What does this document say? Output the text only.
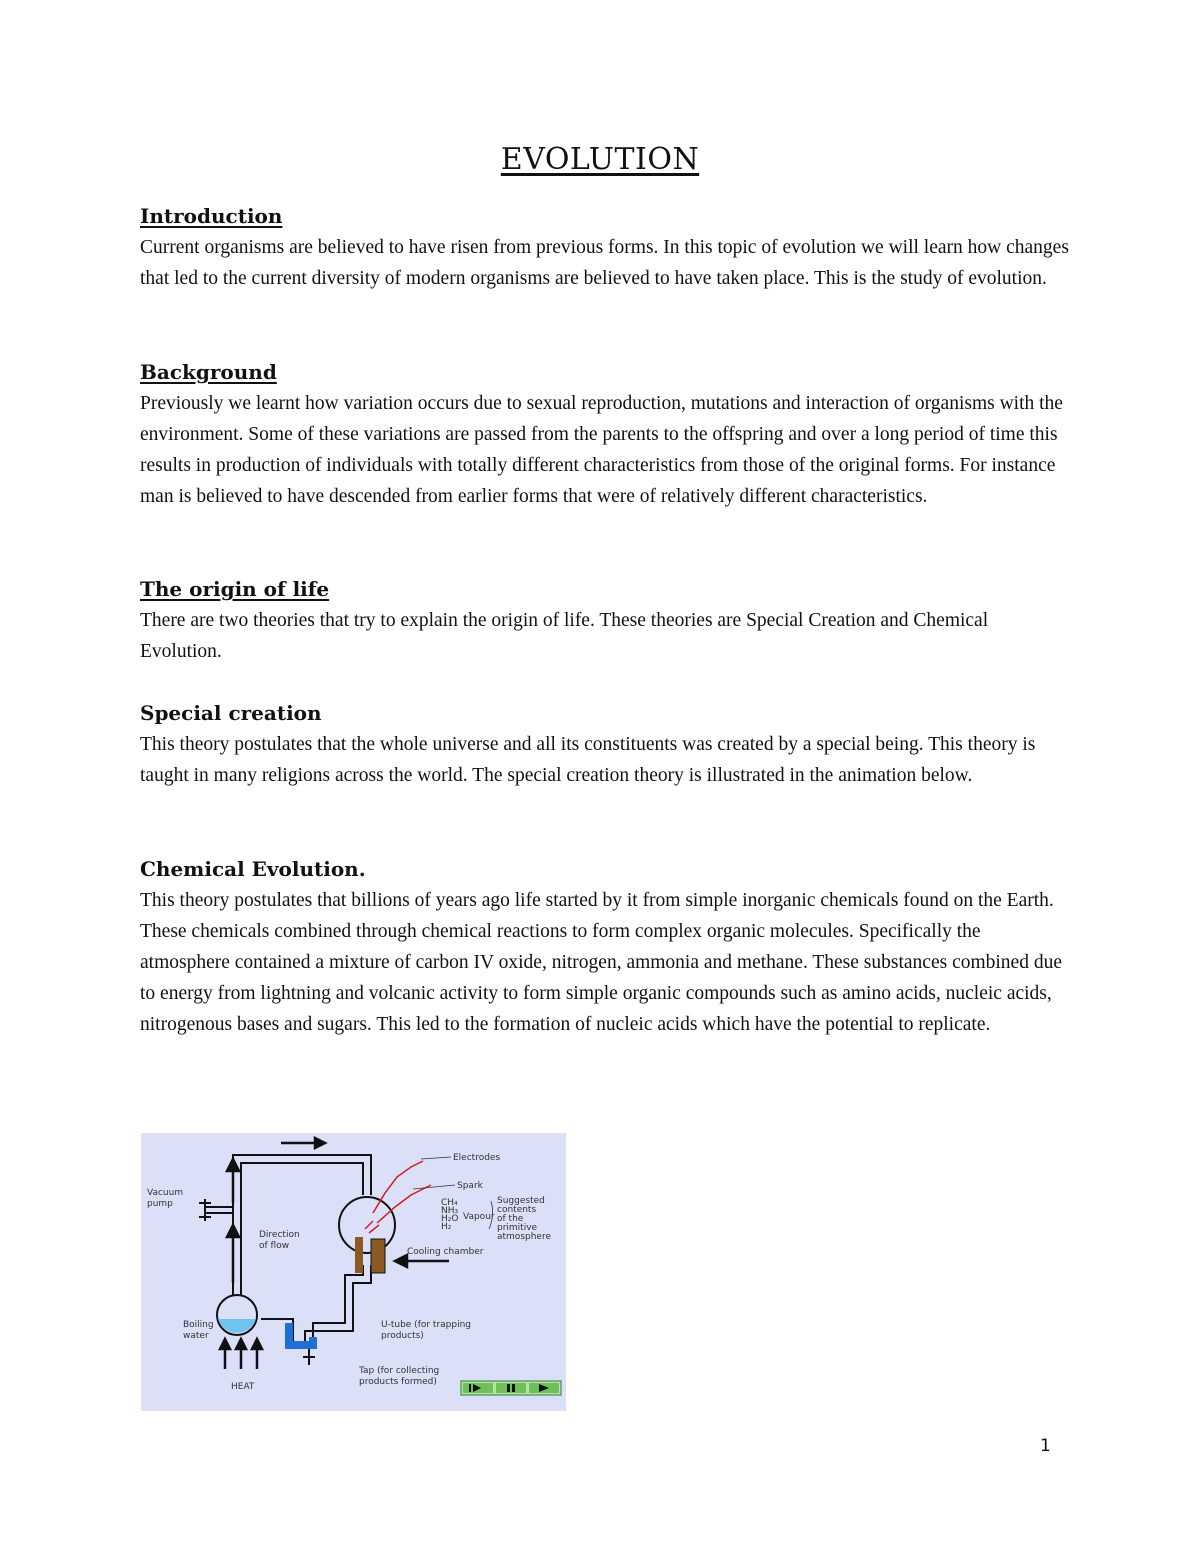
EVOLUTION

Introduction

Current organisms are believed to have risen from previous forms. In this topic of evolution we will learn how changes that led to the current diversity of modern organisms are believed to have taken place. This is the study of evolution.

Background

Previously we learnt how variation occurs due to sexual reproduction, mutations and interaction of organisms with the environment. Some of these variations are passed from the parents to the offspring and over a long period of time this results in production of individuals with totally different characteristics from those of the original forms. For instance man is believed to have descended from earlier forms that were of relatively different characteristics.

The origin of life

There are two theories that try to explain the origin of life. These theories are Special Creation and Chemical Evolution.

Special creation

This theory postulates that the whole universe and all its constituents was created by a special being. This theory is taught in many religions across the world. The special creation theory is illustrated in the animation below.

Chemical Evolution.

This theory postulates that billions of years ago life started by it from simple inorganic chemicals found on the Earth. These chemicals combined through chemical reactions to form complex organic molecules. Specifically the atmosphere contained a mixture of carbon IV oxide, nitrogen, ammonia and methane. These substances combined due to energy from lightning and volcanic activity to form simple organic compounds such as amino acids, nucleic acids, nitrogenous bases and sugars. This led to the formation of nucleic acids which have the potential to replicate.

Vacuum pump
Direction of flow
Electrodes
Spark
CH₄
NH₃
H₂O
H₂
Vapour
Suggested contents of the primitive atmosphere
Cooling chamber
Boiling water
U-tube (for trapping products)
Tap (for collecting products formed)
HEAT
1
